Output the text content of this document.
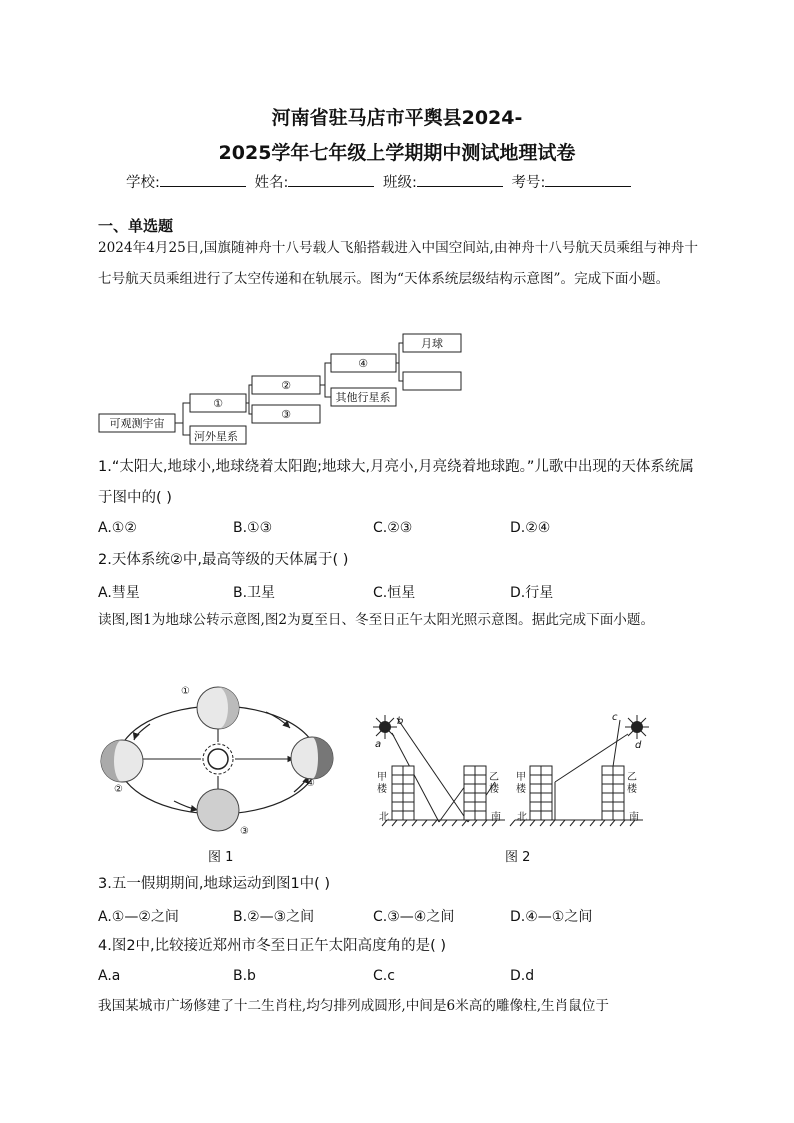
河南省驻马店市平舆县2024-
2025学年七年级上学期期中测试地理试卷
学校:	姓名:	班级:	考号:
一、单选题
2024年4月25日,国旗随神舟十八号载人飞船搭载进入中国空间站,由神舟十八号航天员乘组与神舟十七号航天员乘组进行了太空传递和在轨展示。图为“天体系统层级结构示意图”。完成下面小题。
可观测宇宙
①
河外星系
②
③
④
其他行星系
月球
1.“太阳大,地球小,地球绕着太阳跑;地球大,月亮小,月亮绕着地球跑。”儿歌中出现的天体系统属于图中的( )
A.①②	B.①③	C.②③	D.②④
2.天体系统②中,最高等级的天体属于( )
A.彗星	B.卫星	C.恒星	D.行星
读图,图1为地球公转示意图,图2为夏至日、冬至日正午太阳光照示意图。据此完成下面小题。
①
②
③
④
图 1
a
b	c
d
甲
楼
乙
楼
北	南
甲
楼
乙
楼
北	南
图 2
3.五一假期期间,地球运动到图1中( )
A.①—②之间	B.②—③之间	C.③—④之间	D.④—①之间
4.图2中,比较接近郑州市冬至日正午太阳高度角的是( )
A.a	B.b	C.c	D.d
我国某城市广场修建了十二生肖柱,均匀排列成圆形,中间是6米高的雕像柱,生肖鼠位于
